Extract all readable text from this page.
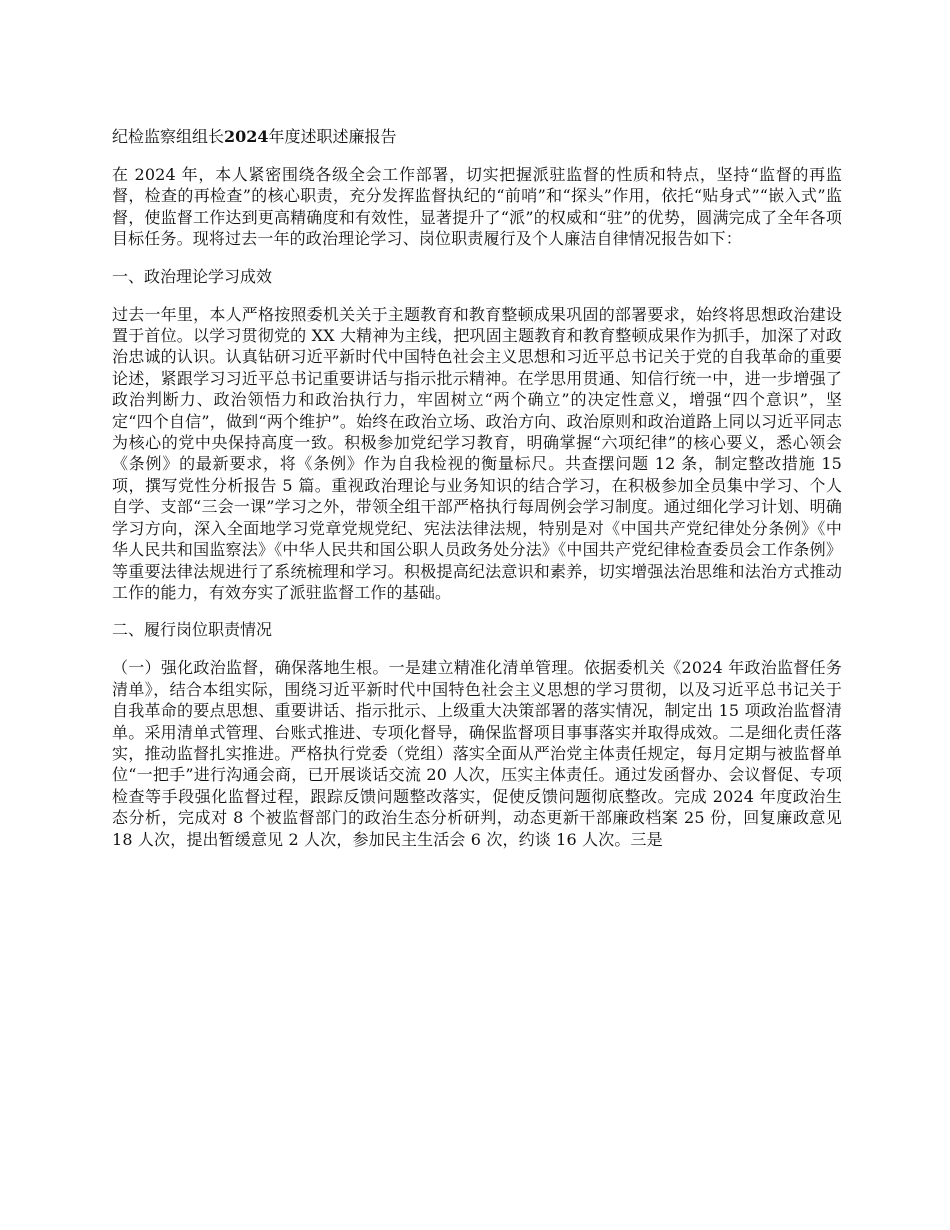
纪检监察组组长2024年度述职述廉报告

在 2024 年，本人紧密围绕各级全会工作部署，切实把握派驻监督的性质和特点，坚持“监督的再监督，检查的再检查”的核心职责，充分发挥监督执纪的“前哨”和“探头”作用，依托“贴身式”“嵌入式”监督，使监督工作达到更高精确度和有效性，显著提升了“派”的权威和“驻”的优势，圆满完成了全年各项目标任务。现将过去一年的政治理论学习、岗位职责履行及个人廉洁自律情况报告如下：

一、政治理论学习成效

过去一年里，本人严格按照委机关关于主题教育和教育整顿成果巩固的部署要求，始终将思想政治建设置于首位。以学习贯彻党的 XX 大精神为主线，把巩固主题教育和教育整顿成果作为抓手，加深了对政治忠诚的认识。认真钻研习近平新时代中国特色社会主义思想和习近平总书记关于党的自我革命的重要论述，紧跟学习习近平总书记重要讲话与指示批示精神。在学思用贯通、知信行统一中，进一步增强了政治判断力、政治领悟力和政治执行力，牢固树立“两个确立”的决定性意义，增强“四个意识”，坚定“四个自信”，做到“两个维护”。始终在政治立场、政治方向、政治原则和政治道路上同以习近平同志为核心的党中央保持高度一致。积极参加党纪学习教育，明确掌握“六项纪律”的核心要义，悉心领会《条例》的最新要求，将《条例》作为自我检视的衡量标尺。共查摆问题 12 条，制定整改措施 15 项，撰写党性分析报告 5 篇。重视政治理论与业务知识的结合学习，在积极参加全员集中学习、个人自学、支部“三会一课”学习之外，带领全组干部严格执行每周例会学习制度。通过细化学习计划、明确学习方向，深入全面地学习党章党规党纪、宪法法律法规，特别是对《中国共产党纪律处分条例》《中华人民共和国监察法》《中华人民共和国公职人员政务处分法》《中国共产党纪律检查委员会工作条例》等重要法律法规进行了系统梳理和学习。积极提高纪法意识和素养，切实增强法治思维和法治方式推动工作的能力，有效夯实了派驻监督工作的基础。

二、履行岗位职责情况

（一）强化政治监督，确保落地生根。一是建立精准化清单管理。依据委机关《2024 年政治监督任务清单》，结合本组实际，围绕习近平新时代中国特色社会主义思想的学习贯彻，以及习近平总书记关于自我革命的要点思想、重要讲话、指示批示、上级重大决策部署的落实情况，制定出 15 项政治监督清单。采用清单式管理、台账式推进、专项化督导，确保监督项目事事落实并取得成效。二是细化责任落实，推动监督扎实推进。严格执行党委（党组）落实全面从严治党主体责任规定，每月定期与被监督单位“一把手”进行沟通会商，已开展谈话交流 20 人次，压实主体责任。通过发函督办、会议督促、专项检查等手段强化监督过程，跟踪反馈问题整改落实，促使反馈问题彻底整改。完成 2024 年度政治生态分析，完成对 8 个被监督部门的政治生态分析研判，动态更新干部廉政档案 25 份，回复廉政意见 18 人次，提出暂缓意见 2 人次，参加民主生活会 6 次，约谈 16 人次。三是
